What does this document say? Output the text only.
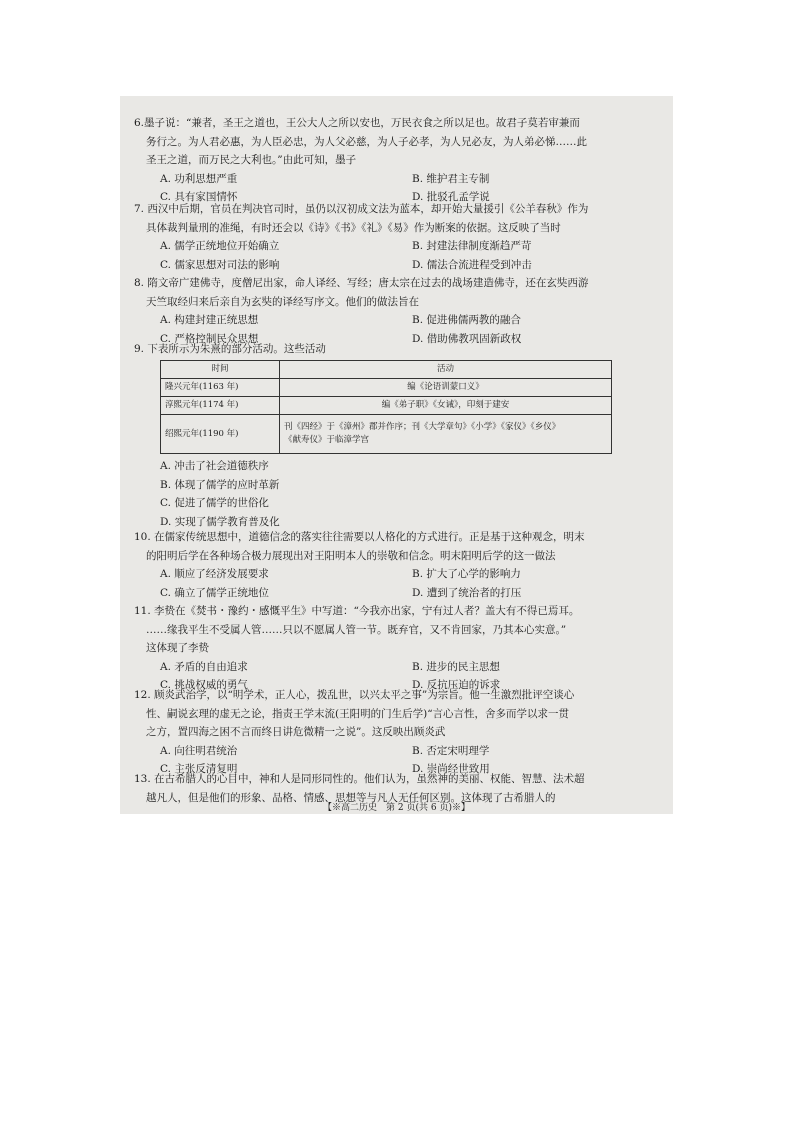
6.墨子说：“兼者，圣王之道也，王公大人之所以安也，万民衣食之所以足也。故君子莫若审兼而

务行之。为人君必惠，为人臣必忠，为人父必慈，为人子必孝，为人兄必友，为人弟必悌……此

圣王之道，而万民之大利也。”由此可知，墨子

A. 功利思想严重	B. 维护君主专制
C. 具有家国情怀	D. 批驳孔孟学说

7. 西汉中后期，官员在判决官司时，虽仍以汉初成文法为蓝本，却开始大量援引《公羊春秋》作为

具体裁判量刑的准绳，有时还会以《诗》《书》《礼》《易》作为断案的依据。这反映了当时

A. 儒学正统地位开始确立	B. 封建法律制度渐趋严苛
C. 儒家思想对司法的影响	D. 儒法合流进程受到冲击

8. 隋文帝广建佛寺，度僧尼出家，命人译经、写经；唐太宗在过去的战场建造佛寺，还在玄奘西游

天竺取经归来后亲自为玄奘的译经写序文。他们的做法旨在

A. 构建封建正统思想	B. 促进佛儒两教的融合
C. 严格控制民众思想	D. 借助佛教巩固新政权

9. 下表所示为朱熹的部分活动。这些活动

时间	活动
隆兴元年(1163 年)	编《论语训蒙口义》
淳熙元年(1174 年)	编《弟子职》《女诫》，印刻于建安
绍熙元年(1190 年)	刊《四经》于《漳州》郡并作序；刊《大学章句》《小学》《家仪》《乡仪》
《献寿仪》于临漳学宫
A. 冲击了社会道德秩序
B. 体现了儒学的应时革新
C. 促进了儒学的世俗化
D. 实现了儒学教育普及化

10. 在儒家传统思想中，道德信念的落实往往需要以人格化的方式进行。正是基于这种观念，明末

的阳明后学在各种场合极力展现出对王阳明本人的崇敬和信念。明末阳明后学的这一做法

A. 顺应了经济发展要求	B. 扩大了心学的影响力
C. 确立了儒学正统地位	D. 遭到了统治者的打压

11. 李贽在《焚书・豫约・感慨平生》中写道：“今我亦出家，宁有过人者？盖大有不得已焉耳。

……缘我平生不受属人管……只以不愿属人管一节。既弃官，又不肯回家，乃其本心实意。”

这体现了李贽

A. 矛盾的自由追求	B. 进步的民主思想
C. 挑战权威的勇气	D. 反抗压迫的诉求

12. 顾炎武治学，以“明学术，正人心，拨乱世，以兴太平之事”为宗旨。他一生激烈批评空谈心

性、嗣说玄理的虚无之论，指责王学末流(王阳明的门生后学)“言心言性，舍多而学以求一贯

之方，置四海之困不言而终日讲危微精一之说”。这反映出顾炎武

A. 向往明君统治	B. 否定宋明理学
C. 主张反清复明	D. 崇尚经世致用

13. 在古希腊人的心目中，神和人是同形同性的。他们认为，虽然神的美丽、权能、智慧、法术超

越凡人，但是他们的形象、品格、情感、思想等与凡人无任何区别。这体现了古希腊人的

【※高二历史　第 2 页(共 6 页)※】
